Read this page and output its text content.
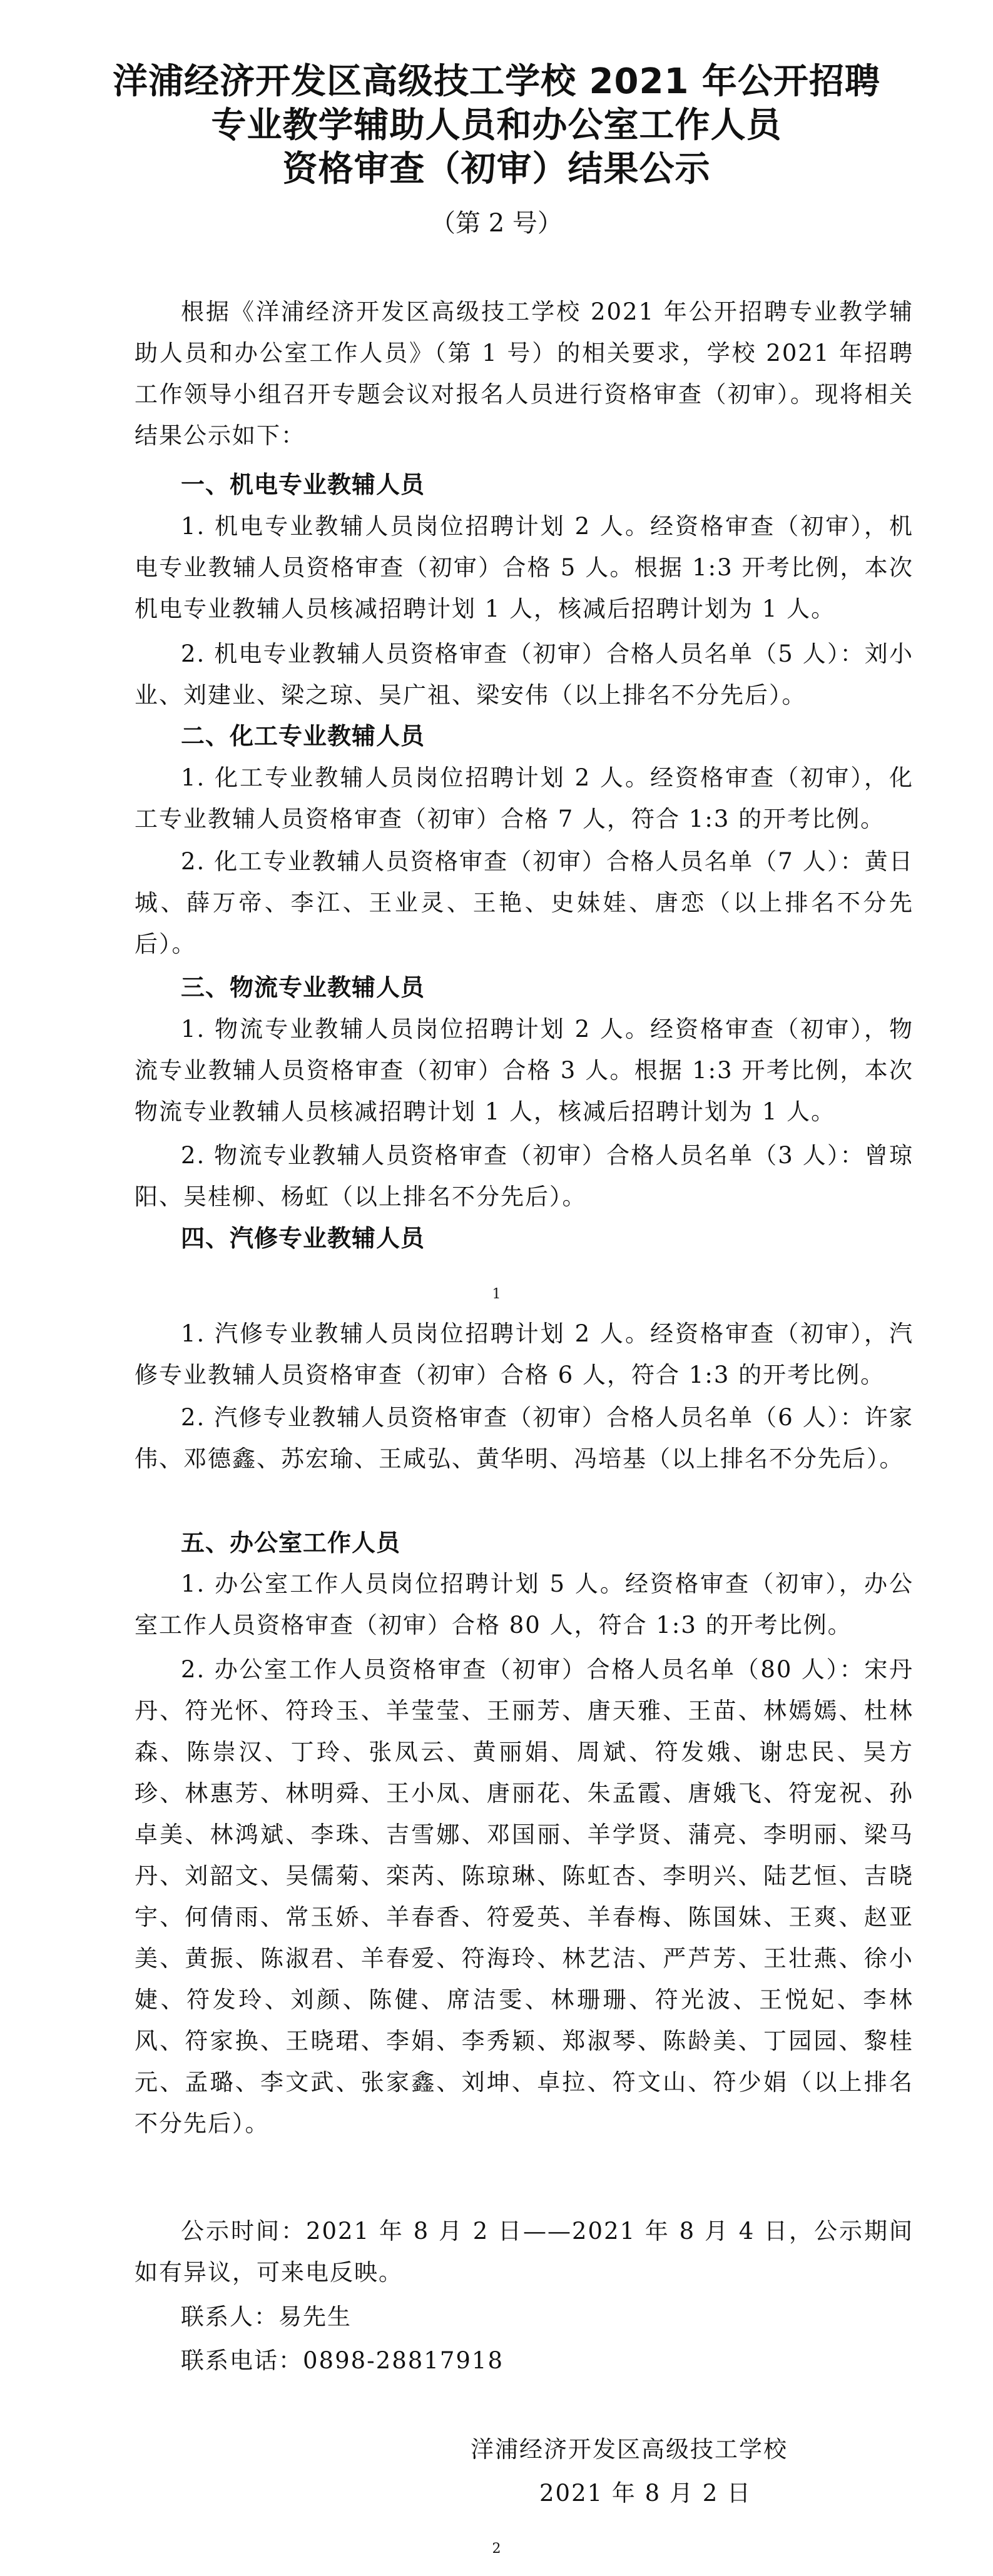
洋浦经济开发区高级技工学校 2021 年公开招聘
专业教学辅助人员和办公室工作人员
资格审查（初审）结果公示
（第 2 号）
根据《洋浦经济开发区高级技工学校 2021 年公开招聘专业教学辅助人员和办公室工作人员》（第 1 号）的相关要求，学校 2021 年招聘工作领导小组召开专题会议对报名人员进行资格审查（初审）。现将相关结果公示如下：
一、机电专业教辅人员
1. 机电专业教辅人员岗位招聘计划 2 人。经资格审查（初审），机电专业教辅人员资格审查（初审）合格 5 人。根据 1:3 开考比例，本次机电专业教辅人员核减招聘计划 1 人，核减后招聘计划为 1 人。
2. 机电专业教辅人员资格审查（初审）合格人员名单（5 人）：刘小业、刘建业、梁之琼、吴广祖、梁安伟（以上排名不分先后）。
二、化工专业教辅人员
1. 化工专业教辅人员岗位招聘计划 2 人。经资格审查（初审），化工专业教辅人员资格审查（初审）合格 7 人，符合 1:3 的开考比例。
2. 化工专业教辅人员资格审查（初审）合格人员名单（7 人）：黄日城、薛万帝、李江、王业灵、王艳、史妹娃、唐恋（以上排名不分先后）。
三、物流专业教辅人员
1. 物流专业教辅人员岗位招聘计划 2 人。经资格审查（初审），物流专业教辅人员资格审查（初审）合格 3 人。根据 1:3 开考比例，本次物流专业教辅人员核减招聘计划 1 人，核减后招聘计划为 1 人。
2. 物流专业教辅人员资格审查（初审）合格人员名单（3 人）：曾琼阳、吴桂柳、杨虹（以上排名不分先后）。
四、汽修专业教辅人员
1
1. 汽修专业教辅人员岗位招聘计划 2 人。经资格审查（初审），汽修专业教辅人员资格审查（初审）合格 6 人，符合 1:3 的开考比例。
2. 汽修专业教辅人员资格审查（初审）合格人员名单（6 人）：许家伟、邓德鑫、苏宏瑜、王咸弘、黄华明、冯培基（以上排名不分先后）。
五、办公室工作人员
1. 办公室工作人员岗位招聘计划 5 人。经资格审查（初审），办公室工作人员资格审查（初审）合格 80 人，符合 1:3 的开考比例。
2. 办公室工作人员资格审查（初审）合格人员名单（80 人）：宋丹丹、符光怀、符玲玉、羊莹莹、王丽芳、唐天雅、王苗、林嫣嫣、杜林森、陈崇汉、丁玲、张凤云、黄丽娟、周斌、符发娥、谢忠民、吴方珍、林惠芳、林明舜、王小凤、唐丽花、朱孟霞、唐娥飞、符宠祝、孙卓美、林鸿斌、李珠、吉雪娜、邓国丽、羊学贤、蒲亮、李明丽、梁马丹、刘韶文、吴儒菊、栾芮、陈琼琳、陈虹杏、李明兴、陆艺恒、吉晓宇、何倩雨、常玉娇、羊春香、符爱英、羊春梅、陈国妹、王爽、赵亚美、黄振、陈淑君、羊春爱、符海玲、林艺洁、严芦芳、王壮燕、徐小婕、符发玲、刘颜、陈健、席洁雯、林珊珊、符光波、王悦妃、李林风、符家换、王晓珺、李娟、李秀颖、郑淑琴、陈龄美、丁园园、黎桂元、孟璐、李文武、张家鑫、刘坤、卓拉、符文山、符少娟（以上排名不分先后）。
公示时间：2021 年 8 月 2 日——2021 年 8 月 4 日，公示期间如有异议，可来电反映。
联系人：易先生
联系电话：0898-28817918
洋浦经济开发区高级技工学校
2021 年 8 月 2 日
2
